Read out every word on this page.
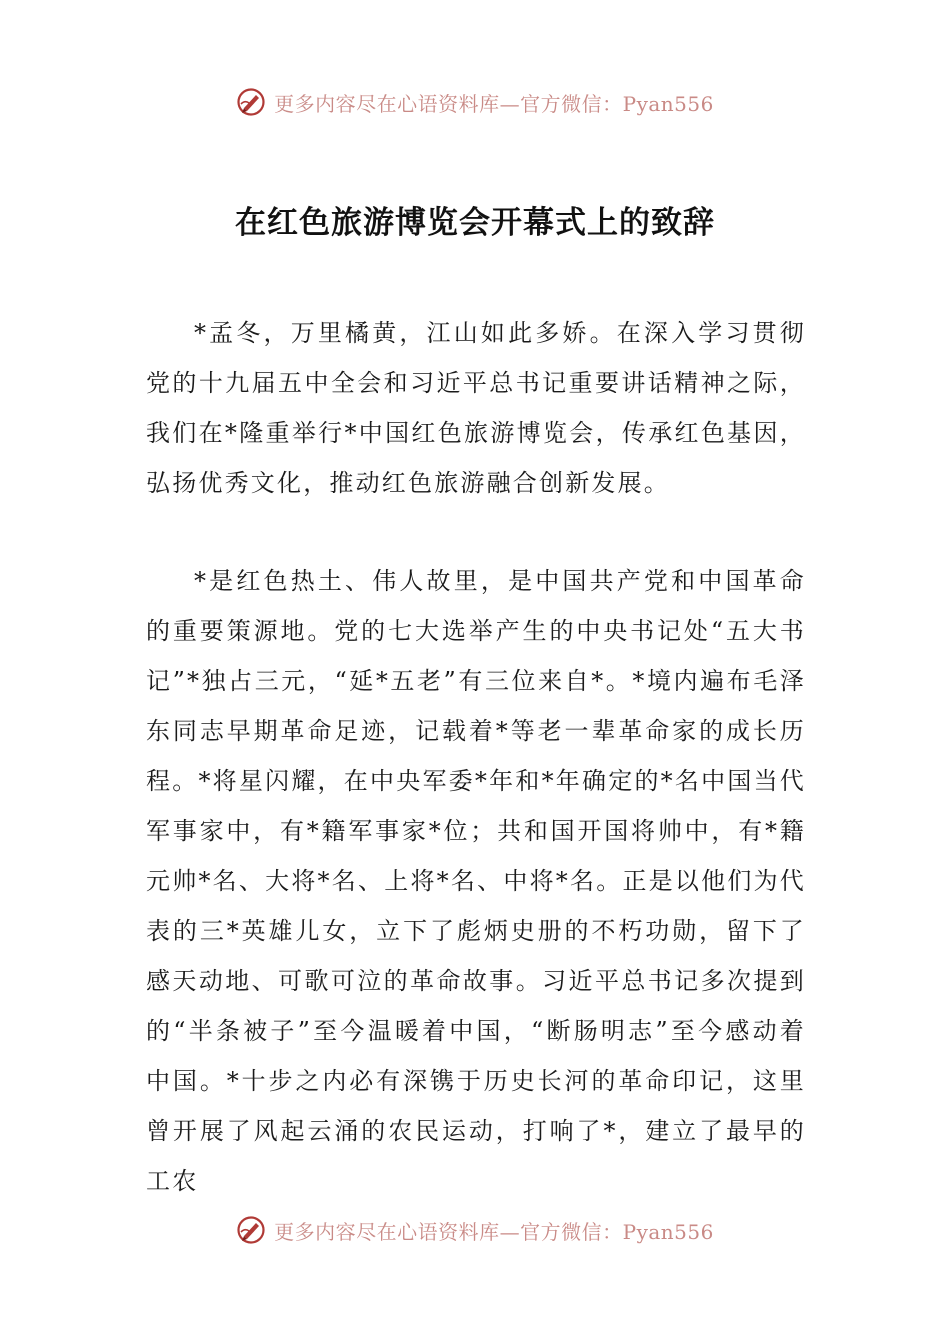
更多内容尽在心语资料库—官方微信：Pyan556
在红色旅游博览会开幕式上的致辞

*孟冬，万里橘黄，江山如此多娇。在深入学习贯彻党的十九届五中全会和习近平总书记重要讲话精神之际，我们在*隆重举行*中国红色旅游博览会，传承红色基因，弘扬优秀文化，推动红色旅游融合创新发展。

*是红色热土、伟人故里，是中国共产党和中国革命的重要策源地。党的七大选举产生的中央书记处“五大书记”*独占三元，“延*五老”有三位来自*。*境内遍布毛泽东同志早期革命足迹，记载着*等老一辈革命家的成长历程。*将星闪耀，在中央军委*年和*年确定的*名中国当代军事家中，有*籍军事家*位；共和国开国将帅中，有*籍元帅*名、大将*名、上将*名、中将*名。正是以他们为代表的三*英雄儿女，立下了彪炳史册的不朽功勋，留下了感天动地、可歌可泣的革命故事。习近平总书记多次提到的“半条被子”至今温暖着中国，“断肠明志”至今感动着中国。*十步之内必有深镌于历史长河的革命印记，这里曾开展了风起云涌的农民运动，打响了*，建立了最早的工农

更多内容尽在心语资料库—官方微信：Pyan556
